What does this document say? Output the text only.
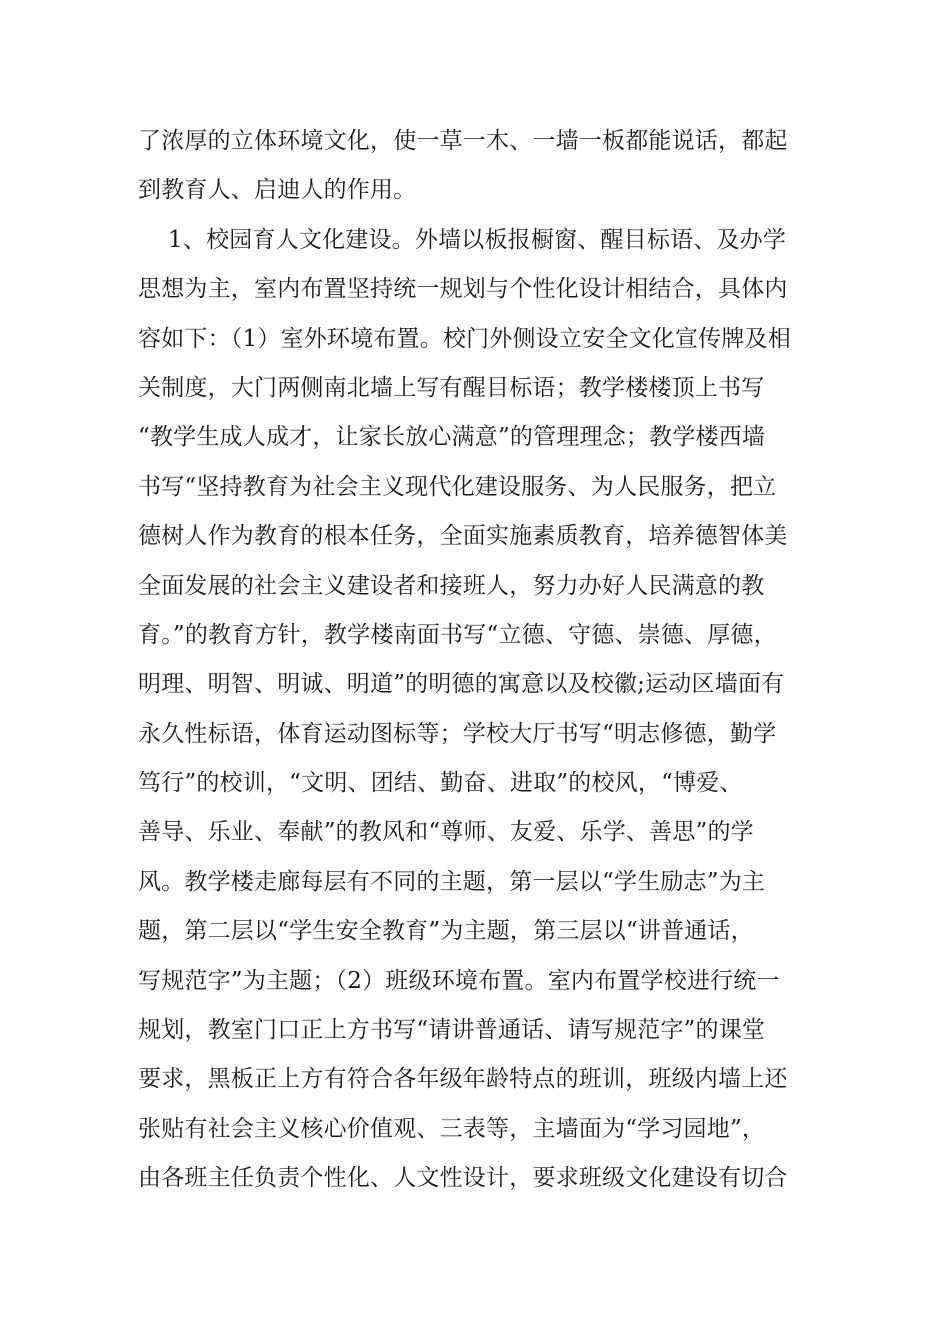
了浓厚的立体环境文化，使一草一木、一墙一板都能说话，都起
到教育人、启迪人的作用。
1、校园育人文化建设。外墙以板报橱窗、醒目标语、及办学
思想为主，室内布置坚持统一规划与个性化设计相结合，具体内
容如下：（1）室外环境布置。校门外侧设立安全文化宣传牌及相
关制度，大门两侧南北墙上写有醒目标语；教学楼楼顶上书写
“教学生成人成才，让家长放心满意”的管理理念；教学楼西墙
书写“坚持教育为社会主义现代化建设服务、为人民服务，把立
德树人作为教育的根本任务，全面实施素质教育，培养德智体美
全面发展的社会主义建设者和接班人，努力办好人民满意的教
育。”的教育方针，教学楼南面书写“立德、守德、崇德、厚德，
明理、明智、明诚、明道”的明德的寓意以及校徽;运动区墙面有
永久性标语，体育运动图标等；学校大厅书写“明志修德，勤学
笃行”的校训，“文明、团结、勤奋、进取”的校风，“博爱、
善导、乐业、奉献”的教风和“尊师、友爱、乐学、善思”的学
风。教学楼走廊每层有不同的主题，第一层以“学生励志”为主
题，第二层以“学生安全教育”为主题，第三层以“讲普通话，
写规范字”为主题；（2）班级环境布置。室内布置学校进行统一
规划，教室门口正上方书写“请讲普通话、请写规范字”的课堂
要求，黑板正上方有符合各年级年龄特点的班训，班级内墙上还
张贴有社会主义核心价值观、三表等，主墙面为“学习园地”，
由各班主任负责个性化、人文性设计，要求班级文化建设有切合
